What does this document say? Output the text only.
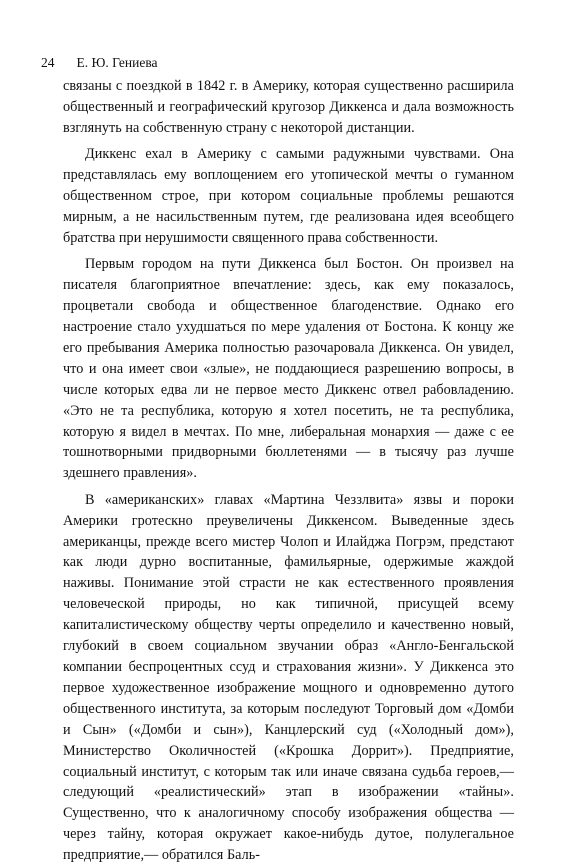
24 Е. Ю. Гениева

связаны с поездкой в 1842 г. в Америку, которая существенно расширила общественный и географический кругозор Диккенса и дала возможность взглянуть на собственную страну с некоторой дистанции.

Диккенс ехал в Америку с самыми радужными чувствами. Она представлялась ему воплощением его утопической мечты о гуманном общественном строе, при котором социальные проблемы решаются мирным, а не насильственным путем, где реализована идея всеобщего братства при нерушимости священного права собственности.

Первым городом на пути Диккенса был Бостон. Он произвел на писателя благоприятное впечатление: здесь, как ему показалось, процветали свобода и общественное благоденствие. Однако его настроение стало ухудшаться по мере удаления от Бостона. К концу же его пребывания Америка полностью разочаровала Диккенса. Он увидел, что и она имеет свои «злые», не поддающиеся разрешению вопросы, в числе которых едва ли не первое место Диккенс отвел рабовладению. «Это не та республика, которую я хотел посетить, не та республика, которую я видел в мечтах. По мне, либеральная монархия — даже с ее тошнотворными придворными бюллетенями — в тысячу раз лучше здешнего правления».

В «американских» главах «Мартина Чеззлвита» язвы и пороки Америки гротескно преувеличены Диккенсом. Выведенные здесь американцы, прежде всего мистер Чолоп и Илайджа Погрэм, предстают как люди дурно воспитанные, фамильярные, одержимые жаждой наживы. Понимание этой страсти не как естественного проявления человеческой природы, но как типичной, присущей всему капиталистическому обществу черты определило и качественно новый, глубокий в своем социальном звучании образ «Англо-Бенгальской компании беспроцентных ссуд и страхования жизни». У Диккенса это первое художественное изображение мощного и одновременно дутого общественного института, за которым последуют Торговый дом «Домби и Сын» («Домби и сын»), Канцлерский суд («Холодный дом»), Министерство Околичностей («Крошка Доррит»). Предприятие, социальный институт, с которым так или иначе связана судьба героев,— следующий «реалистический» этап в изображении «тайны». Существенно, что к аналогичному способу изображения общества — через тайну, которая окружает какое-нибудь дутое, полулегальное предприятие,— обратился Баль-
